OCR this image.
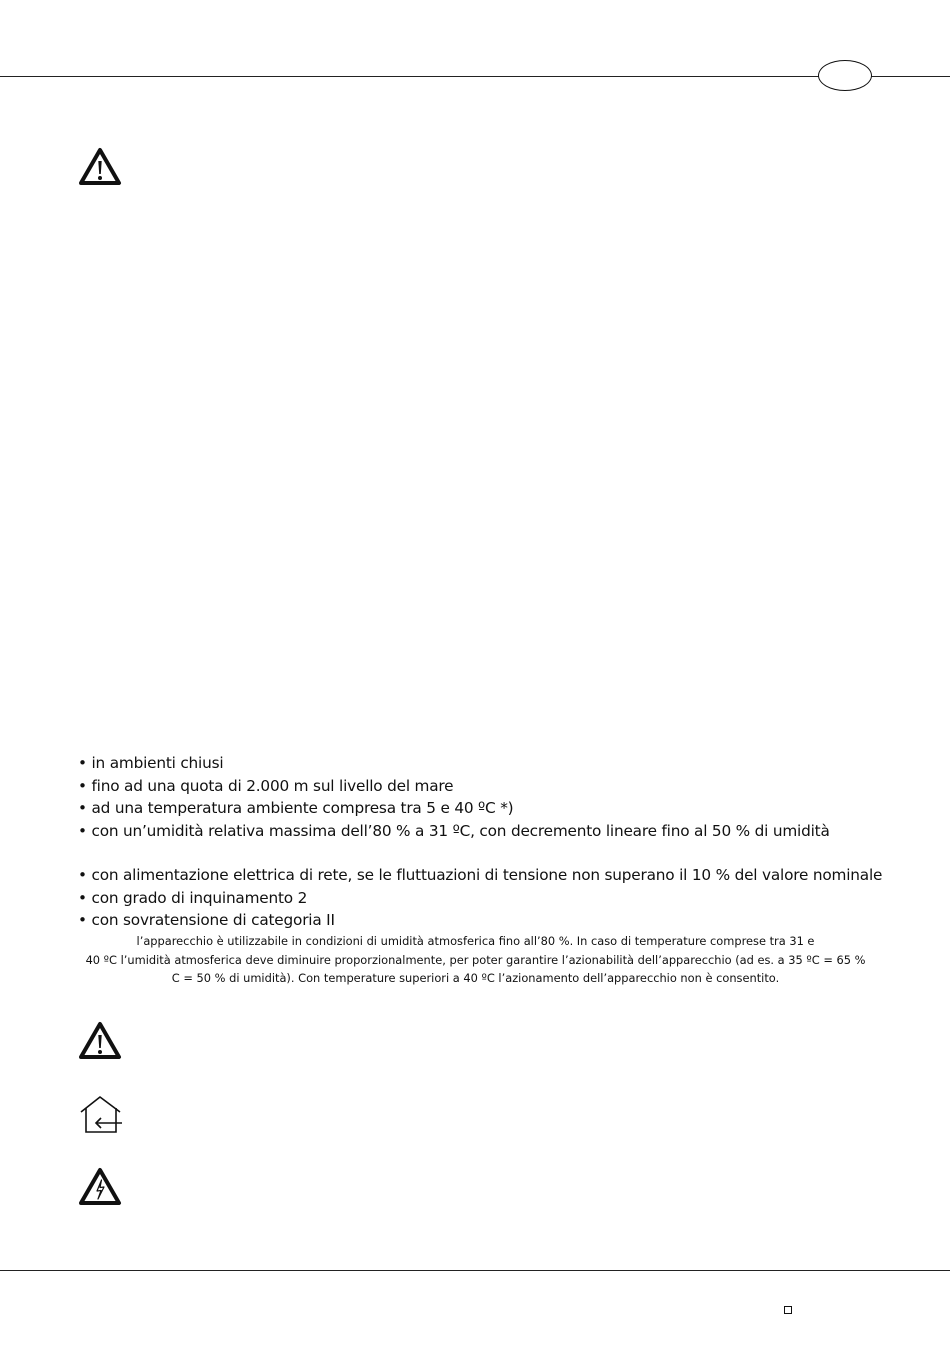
• in ambienti chiusi
• fino ad una quota di 2.000 m sul livello del mare
• ad una temperatura ambiente compresa tra 5 e 40 ºC *)
• con un’umidità relativa massima dell’80 % a 31 ºC, con decremento lineare fino al 50 % di umidità
• con alimentazione elettrica di rete, se le fluttuazioni di tensione non superano il 10 % del valore nominale
• con grado di inquinamento 2
• con sovratensione di categoria II
l’apparecchio è utilizzabile in condizioni di umidità atmosferica fino all’80 %. In caso di temperature comprese tra 31 e
40 ºC l’umidità atmosferica deve diminuire proporzionalmente, per poter garantire l’azionabilità dell’apparecchio (ad es. a 35 ºC = 65 %
C = 50 % di umidità). Con temperature superiori a 40 ºC l’azionamento dell’apparecchio non è consentito.
